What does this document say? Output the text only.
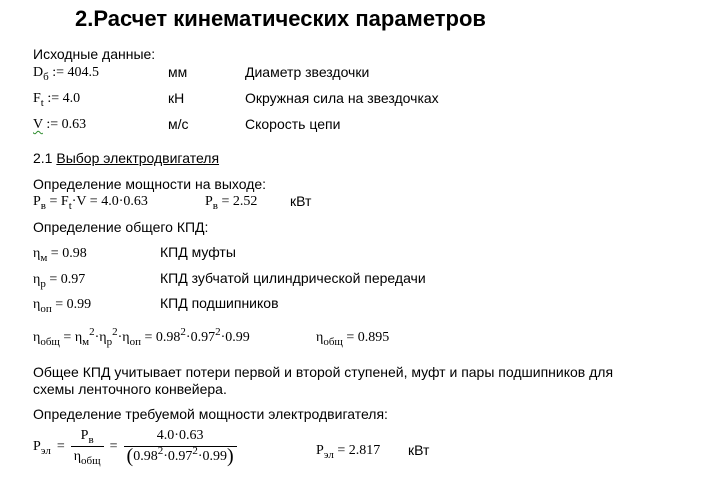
2.Расчет кинематических параметров
Исходные данные:
$D_б$ := 404.5	мм	Диаметр звездочки
$F_t$ := 4.0	кН	Окружная сила на звездочках
V := 0.63	м/с	Скорость цепи
2.1 Выбор электродвигателя
Определение мощности на выходе:
$P_в = F_t\cdot V = 4.0\cdot 0.63$	$P_в = 2.52$ кВт
Определение общего КПД:
$\eta_м = 0.98$	КПД муфты
$\eta_р = 0.97$	КПД зубчатой цилиндрической передачи
$\eta_{оп} = 0.99$	КПД подшипников
$\eta_{общ} = \eta_м^2\cdot\eta_р^2\cdot\eta_{оп} = 0.98^2\cdot 0.97^2\cdot 0.99$	$\eta_{общ} = 0.895$
Общее КПД учитывает потери первой и второй ступеней, муфт и пары подшипников для
схемы ленточного конвейера.
Определение требуемой мощности электродвигателя:
$P_{эл} = \frac{P_в}{\eta_{общ}} = \frac{4.0\cdot 0.63}{(0.98^2\cdot 0.97^2\cdot 0.99)}$	$P_{эл} = 2.817$ кВт
